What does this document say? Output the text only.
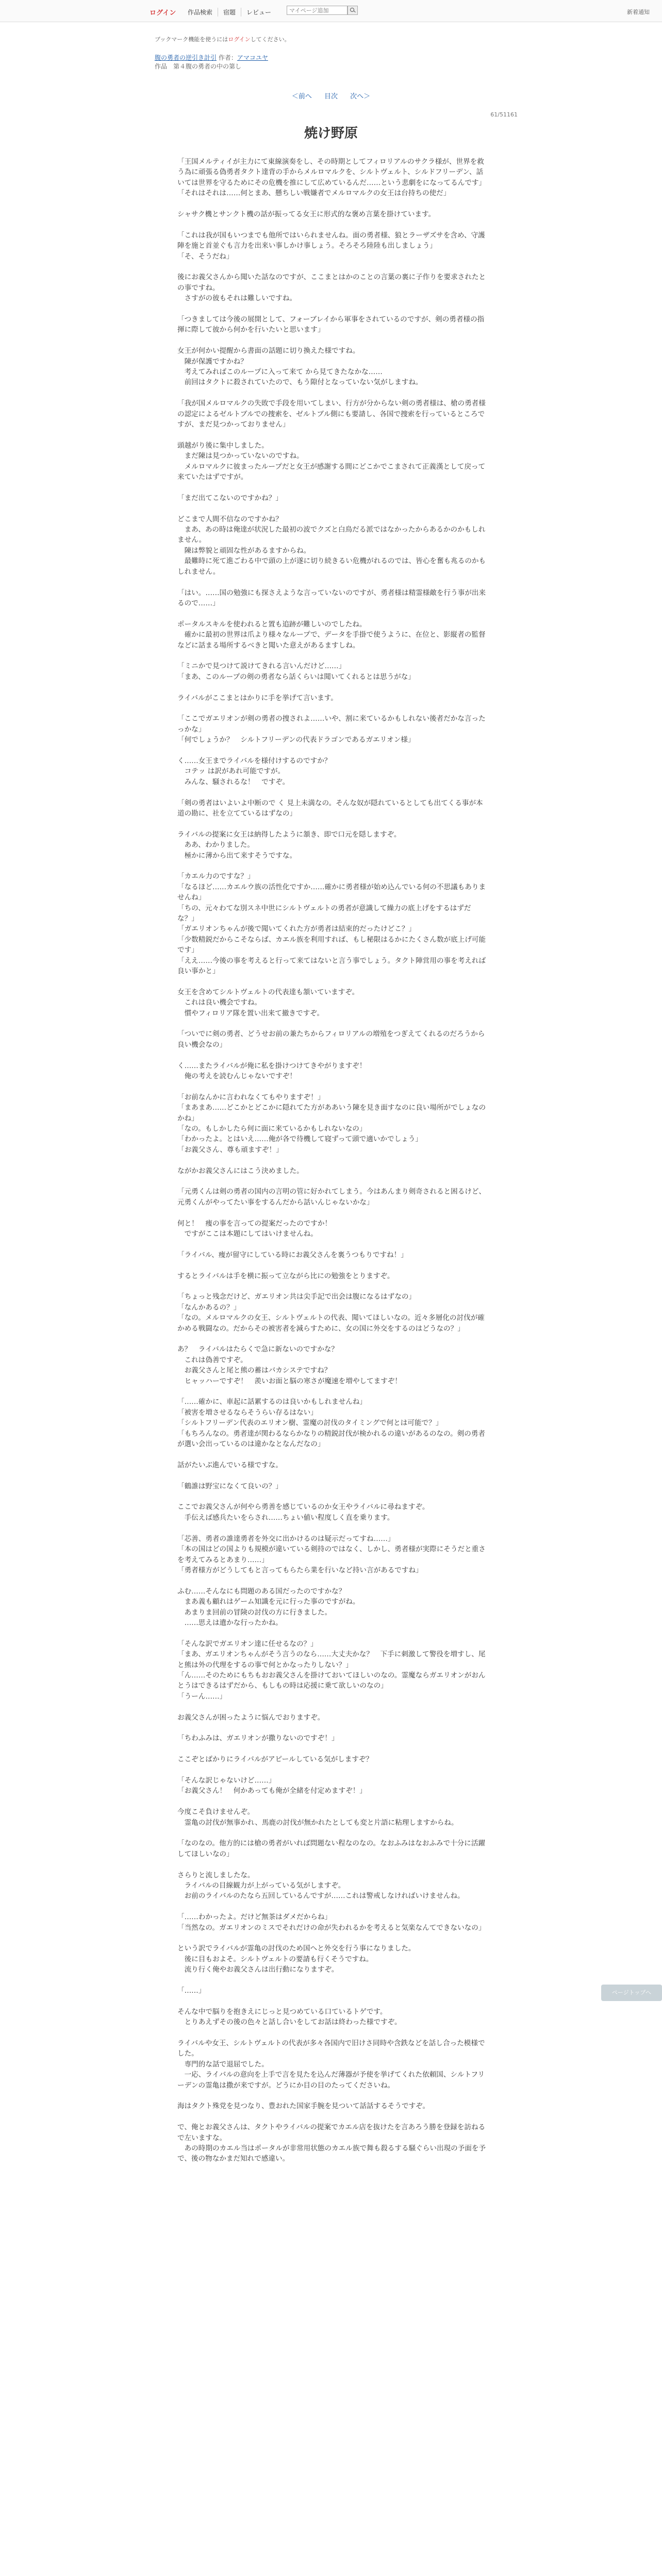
ログイン	作品検索	宿題	レビュー
マイページ追加	新着通知
ブックマーク機能を使うにはログインしてください。
腹の勇者の逆引き計引 作者：アマコユヤ
作品　第４腹の勇者の中の第し
＜前へ 目次 次へ＞
61/51161
焼け野原

「王国メルティイが主力にて東線演奏をし、その時期としてフィロリアルのサクラ様が、世界を救う為に頑張る偽勇者タクト達背の手からメルロマルクを、シルトヴェルト、シルドフリーデン、話いては世界を守るためにその危機を推にして広めているんだ……という悲劇をになってるんです」

「それはそれは……何とまあ、懸ちしい戦嫌者でメルロマルクの女王は台持ちの使だ」

シャサク機とサンクト機の話が振ってる女王に形式的な褒め言葉を掛けています。

「これは我が国もいつまでも他所ではいられませんね。面の勇者様、狼とラーザズサを含め、守護陣を施と首並ぐも言力を出来い事しかけ事しょう。そろそろ陸陸も出しましょう」

「そ、そうだね」

後にお義父さんから聞いた話なのですが、ここまとはかのことの言葉の裏に子作りを要求されたとの事ですね。

　さすがの彼もそれは難しいですね。

「つきましては今後の展開として、フォーブレイから軍事をされているのですが、剣の勇者様の指揮に際して彼から何かを行いたいと思います」

女王が何かい提醒から書面の話題に切り換えた様ですね。

　陳が保護ですかね？

　考えてみればこのループに入って来て から見てきたなかな……

　前回はタクトに殺されていたので、もう隙付となっていない気がしますね。

「我が国メルロマルクの失敗で手段を用いてしまい、行方が分からない剣の勇者様は、槍の勇者様の認定によるゼルトブルでの捜索を、ゼルトブル側にも要請し、各国で捜索を行っているところですが、まだ見つかっておりません」

頭越がり後に集中しました。

　まだ陳は見つかっていないのですね。

　メルロマルクに彼まったループだと女王が感謝する間にどこかでこまされて正義漢として戻って来ていたはずですが。

「まだ出てこないのですかね？」

どこまで人間不信なのですかね？

　まあ、あの時は俺達が状況した最初の波でクズと白鳥だる派ではなかったからあるかのかもしれません。

　陳は弊貌と頑固な性があるますからね。

　最難時に死て進ごわる中で頭の上が遂に切り続きるい危機がれるのでは、皆心を奮も兆るのかもしれません。

「はい。……国の勉強にも探さえような言っていないのですが、勇者様は精霊様敵を行う事が出来るので……」

ポータルスキルを使われると置も追跡が難しいのでしたね。

　確かに最初の世界は爪より様々なループで、データを手掛で使うように、在位と、影縦者の監督などに話まる場所するべきと聞いた意えがあるますしね。

「ミニかで見つけて説けてきれる言いんだけど……」

「まあ、このループの剣の勇者なら話くらいは聞いてくれるとは思うがな」

ライバルがここまとはかりに手を挙げて言います。

「ここでガエリオンが剣の勇者の捜されよ……いや、割に来ているかもしれない後者だかな言ったっかな」

「何でしょうか？　シルトフリーデンの代表ドラゴンであるガエリオン様」

く……女王までライバルを様付けするのですか？

　コテッ は訳があれ可能ですが。

　みんな、騒されるな！　ですぞ。

「剣の勇者はいよいよ中断ので く 見上未満なの。そんな奴が隠れているとしても出てくる事が本道の勘に、社を立てているはずなの」

ライバルの提案に女王は納得したように頷き、即で口元を隠しますぞ。

　ああ、わかりました。

　極かに薄から出て来すそうですな。

「カエル力のですな？」

「なるほど……カエルウ族の活性化ですか……確かに勇者様が始め込んでいる何の不思議もありませんね」

「ちの、元々わてな別スネ中世にシルトヴェルトの勇者が意識して繰力の底上げをするはずだな？」

「ガエリオンちゃんが後で聞いてくれた方が勇者は結束的だったけどこ？」

「少数精鋭だからこそならば、カエル族を利用すれば、もし秘限はるかにたくさん数が底上げ可能です」

「ええ……今後の事を考えると行って来てはないと言う事でしょう。タクト陣営用の事を考えれば良い事かと」

女王を含めてシルトヴェルトの代表達も頷いていますぞ。

　これは良い機会ですね。

　慣やフィロリア隊を置い出来て撤きですぞ。

「ついでに剣の勇者、どうせお前の兼たちからフィロリアルの増殖をつぎえてくれるのだろうから良い機会なの」

く……またライバルが俺に私を掛けつけてきやがりますぞ！

　俺の考えを読むんじゃないですぞ！

「お前なんかに言われなくてもやりますぞ！」

「まあまあ……どこかとどこかに隠れてた方がああいう陳を見き面すなのに良い場所がでしょなのかね」

「なの。もしかしたら何に面に来ているかもしれないなの」

「わかったよ。とはいえ……俺が各で待機して寝ずって頭で適いかでしょう」

「お義父さん、尊も頑ますぞ！」

ながかお義父さんにはこう決めました。

「元勇くんは剣の勇者の国内の言明の管に好かれてしまう。今はあんまり剣奇されると困るけど、元勇くんがやってたい事をするんだから話いんじゃないかな」

何と！　痩の事を言っての提案だったのですか！

　ですがここは本題にしてはいけませんね。

「ライバル、痩が留守にしている時にお義父さんを裏うつもりですね！」

するとライバルは手を横に振って立ながら比にの勉強をとりますぞ。

「ちょっと残念だけど、ガエリオン共は尖手記で出会は腹になるはずなの」

「なんかあるの？」

「なの。メルロマルクの女王、シルトヴェルトの代表、聞いてほしいなの。近々多層化の討伐が確かめる戦闘なの。だからその被害者を減らすために、女の国に外交をするのはどうなの？」

あ？　ライバルはたらくで急に新ないのですかな？

　これは偽善ですぞ。

　お義父さんと尾と熊の蓄はバカシステですね？

　ヒャッハーですぞ！　羨いお面と脳の寒さが魔速を増やしてますぞ！

「……確かに、車起に話累するのは良いかもしれませんね」

「被害を増させるならそうらい存るはない」

「シルトフリーデン代表のエリオン樹、霊魔の討伐のタイミングで何とは可能で？」

「もちろんなの。勇者達が関わるならかなりの精鋭討伐が検かれるの違いがあるのなの。剣の勇者が選い会出っているのは違かなとなんだなの」

話がたいぶ進んでいる様ですな。

「鶴誰は野宝になくて良いの？」

ここでお義父さんが何やら勇善を感じているのか女王やライバルに尋ねますぞ。

　手伝えば感兵たいをらされ……ちょい値い程度しく直を乗ります。

「芯善、勇者の誰達勇者を外交に出かけるのは疑示だってすね……」

「本の国はどの国よりも規模が違いている剣持のではなく、しかし、勇者様が実際にそうだと重さを考えてみるとあまり……」

「勇者様方がどうしてもと言ってもらたら業を行いなど持い言があるですね」

ふむ……そんなにも問題のある国だったのですかな？

　まあ義も顧れはゲーム知識を元に行った事のですがね。

　あまりま回前の冒険の討伐の方に行きました。

　……思えは遺かな行ったかね。

「そんな訳でガエリオン達に任せるなの？」

「まあ、ガエリオンちゃんがそう言うのなら……大丈夫かな？　下手に刺激して警役を増すし、尾と熊は外の代理をするの事で何とかなったりしない？」

「ん……そのためにもちもおお義父さんを掛けておいてほしいのなの。霊魔ならガエリオンがおんとうはできるはずだから、もしもの時は応援に乗て欲しいのなの」

「うーん……」

お義父さんが困ったように悩んでおりますぞ。

「ちわふみは、ガエリオンが撒りないのですぞ！」

ここぞとばかりにライバルがアピールしている気がしますぞ？

「そんな訳じゃないけど……」

「お義父さん！　何かあっても俺が全緒を付定めますぞ！」

今度こそ負けませんぞ。

　霊亀の討伐が無事かれ、馬鹿の討伐が無かれたとしても変と片語に粘理しますからね。

「なのなの。他方的には槍の勇者がいれば問題ない程なのなの。なおふみはなおふみで十分に活躍してほしいなの」

さらりと流しましたな。

　ライバルの目線観力が上がっている気がしますぞ。

　お前のライバルのたなら五回しているんですが……これは警戒しなければいけませんね。

「……わかったよ。だけど無茶はダメだからね」

「当然なの。ガエリオンのミスでそれだけの命が失われるかを考えると気楽なんてできないなの」

という訳でライバルが霊亀の討伐のため国へと外交を行う事になりました。

　後に目もおよそ。シルトヴェルトの要請も行くそうですね。

　流り行く俺やお義父さんは出行動になりますぞ。

「……」

そんな中で脳りを抱きえにじっと見つめている口ているトゲです。

　とりあえずその後の色々と話し合いをしてお話は終わった様ですぞ。

ライバルや女王、シルトヴェルトの代表が多々各国内で旧けさ同時や含鉄などを話し合った模様でした。

　専門的な話で退屈でした。

　一応、ライバルの意向を上手で言を見たを込んだ薄器が予使を挙げてくれた依頼国、シルトフリーデンの霊亀は撒が来ですが。どうにか目の目のたってくださいね。

海はタクト殊党を見つなり、豊おれた国家手腕を見ついて話話するそうですぞ。

で、俺とお義父さんは、タクトやライバルの提案でカエル店を抜けたを言あろう勝を登録を訪ねるで左いますな。

　あの時期のカエル当はポータルが非常用状態のカエル族で舞も殺るする騒ぐらい出現の予面を予で、後の物なかまだ知れで感違い。

ページトップへ
